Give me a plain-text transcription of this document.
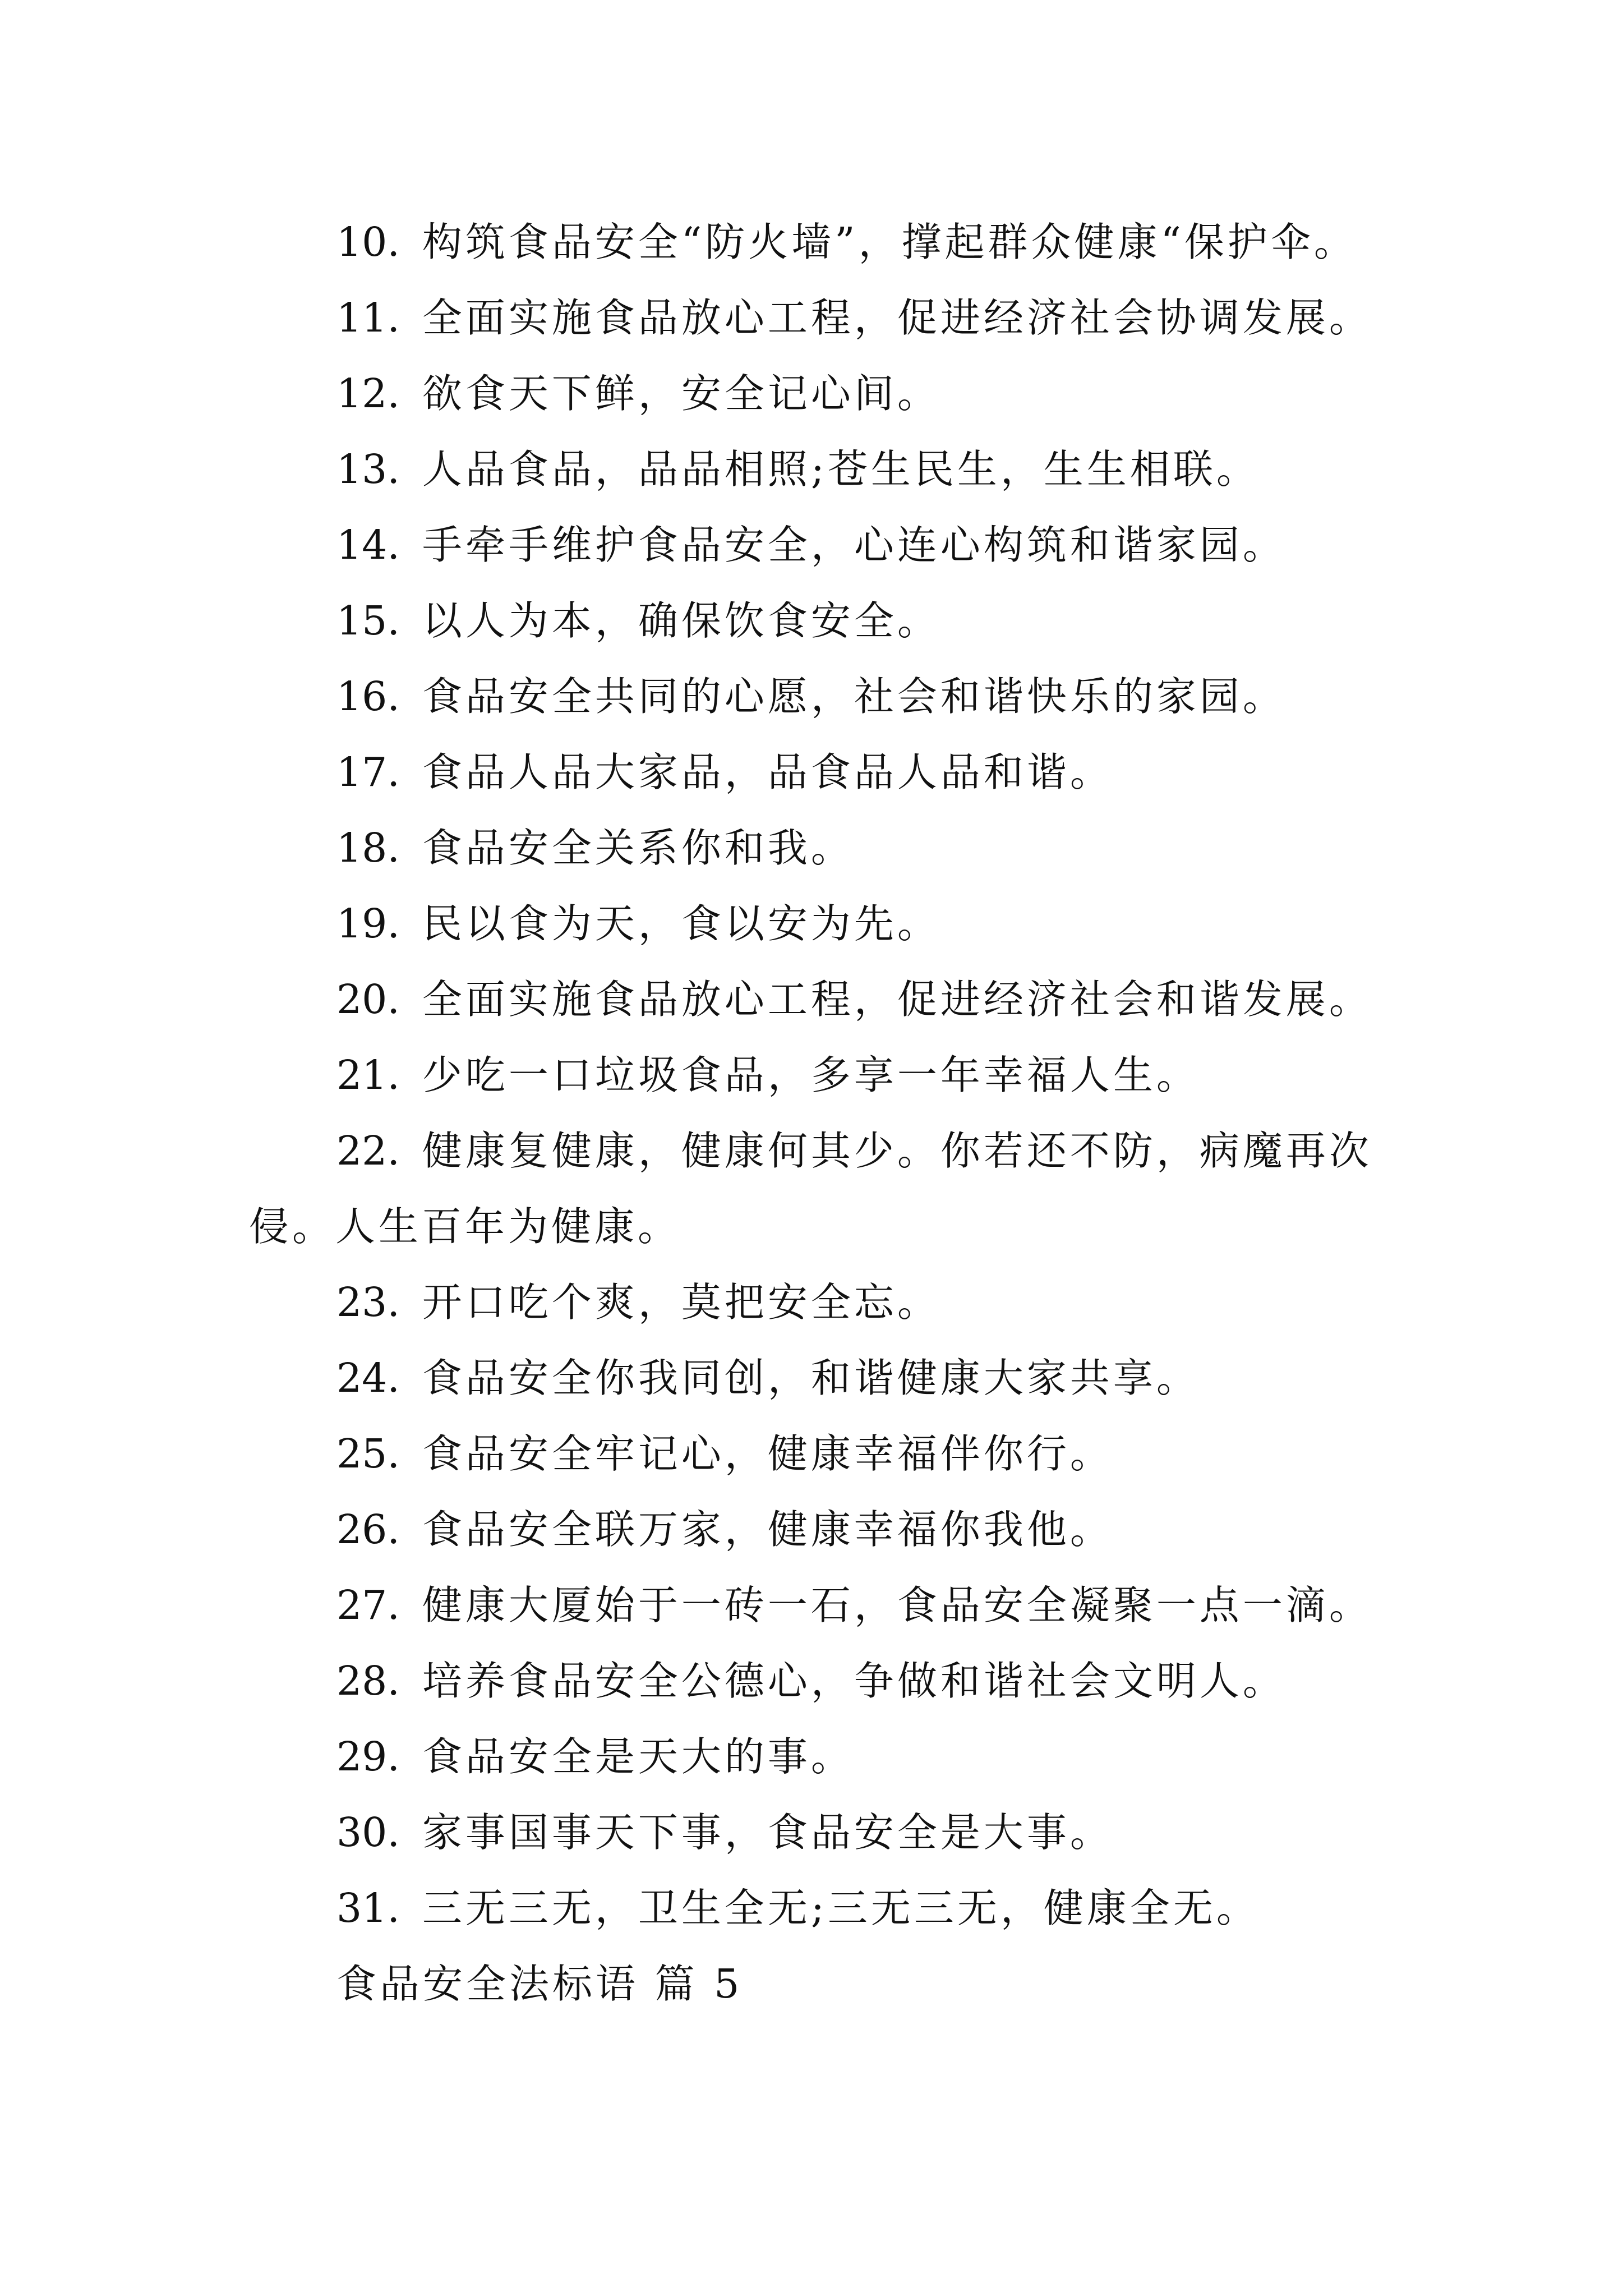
10. 构筑食品安全“防火墙”，撑起群众健康“保护伞。
11. 全面实施食品放心工程，促进经济社会协调发展。
12. 欲食天下鲜，安全记心间。
13. 人品食品，品品相照;苍生民生，生生相联。
14. 手牵手维护食品安全，心连心构筑和谐家园。
15. 以人为本，确保饮食安全。
16. 食品安全共同的心愿，社会和谐快乐的家园。
17. 食品人品大家品，品食品人品和谐。
18. 食品安全关系你和我。
19. 民以食为天，食以安为先。
20. 全面实施食品放心工程，促进经济社会和谐发展。
21. 少吃一口垃圾食品，多享一年幸福人生。
22. 健康复健康，健康何其少。你若还不防，病魔再次
侵。人生百年为健康。
23. 开口吃个爽，莫把安全忘。
24. 食品安全你我同创，和谐健康大家共享。
25. 食品安全牢记心，健康幸福伴你行。
26. 食品安全联万家，健康幸福你我他。
27. 健康大厦始于一砖一石，食品安全凝聚一点一滴。
28. 培养食品安全公德心，争做和谐社会文明人。
29. 食品安全是天大的事。
30. 家事国事天下事，食品安全是大事。
31. 三无三无，卫生全无;三无三无，健康全无。
食品安全法标语 篇 5
